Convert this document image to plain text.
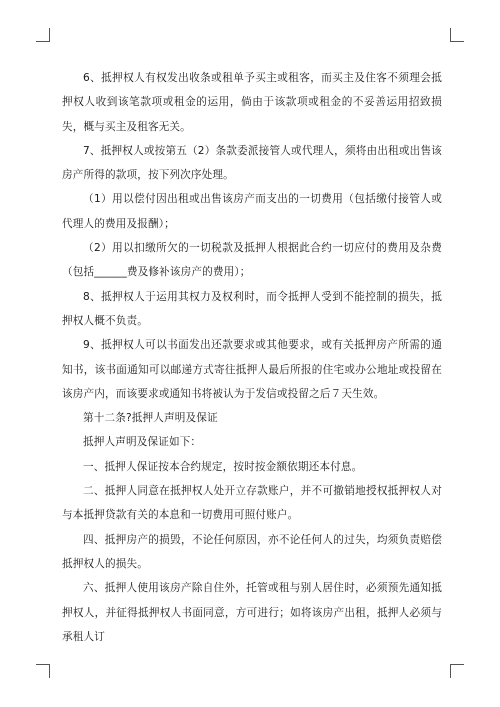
6、抵押权人有权发出收条或租单予买主或租客，而买主及住客不须理会抵押权人收到该笔款项或租金的运用，倘由于该款项或租金的不妥善运用招致损失，概与买主及租客无关。

7、抵押权人或按第五（2）条款委派接管人或代理人，须将由出租或出售该房产所得的款项，按下列次序处理。

（1）用以偿付因出租或出售该房产而支出的一切费用（包括缴付接管人或代理人的费用及报酬）；

（2）用以扣缴所欠的一切税款及抵押人根据此合约一切应付的费用及杂费（包括______费及修补该房产的费用）；

8、抵押权人于运用其权力及权利时，而令抵押人受到不能控制的损失，抵押权人概不负责。

9、抵押权人可以书面发出还款要求或其他要求，或有关抵押房产所需的通知书，该书面通知可以邮递方式寄往抵押人最后所报的住宅或办公地址或投留在该房产内，而该要求或通知书将被认为于发信或投留之后７天生效。

第十二条?抵押人声明及保证

抵押人声明及保证如下：

一、抵押人保证按本合约规定，按时按金额依期还本付息。

二、抵押人同意在抵押权人处开立存款账户，并不可撤销地授权抵押权人对与本抵押贷款有关的本息和一切费用可照付账户。

四、抵押房产的损毁，不论任何原因，亦不论任何人的过失，均须负责赔偿抵押权人的损失。

六、抵押人使用该房产除自住外，托管或租与别人居住时，必须预先通知抵押权人，并征得抵押权人书面同意，方可进行；如将该房产出租，抵押人必须与承租人订
